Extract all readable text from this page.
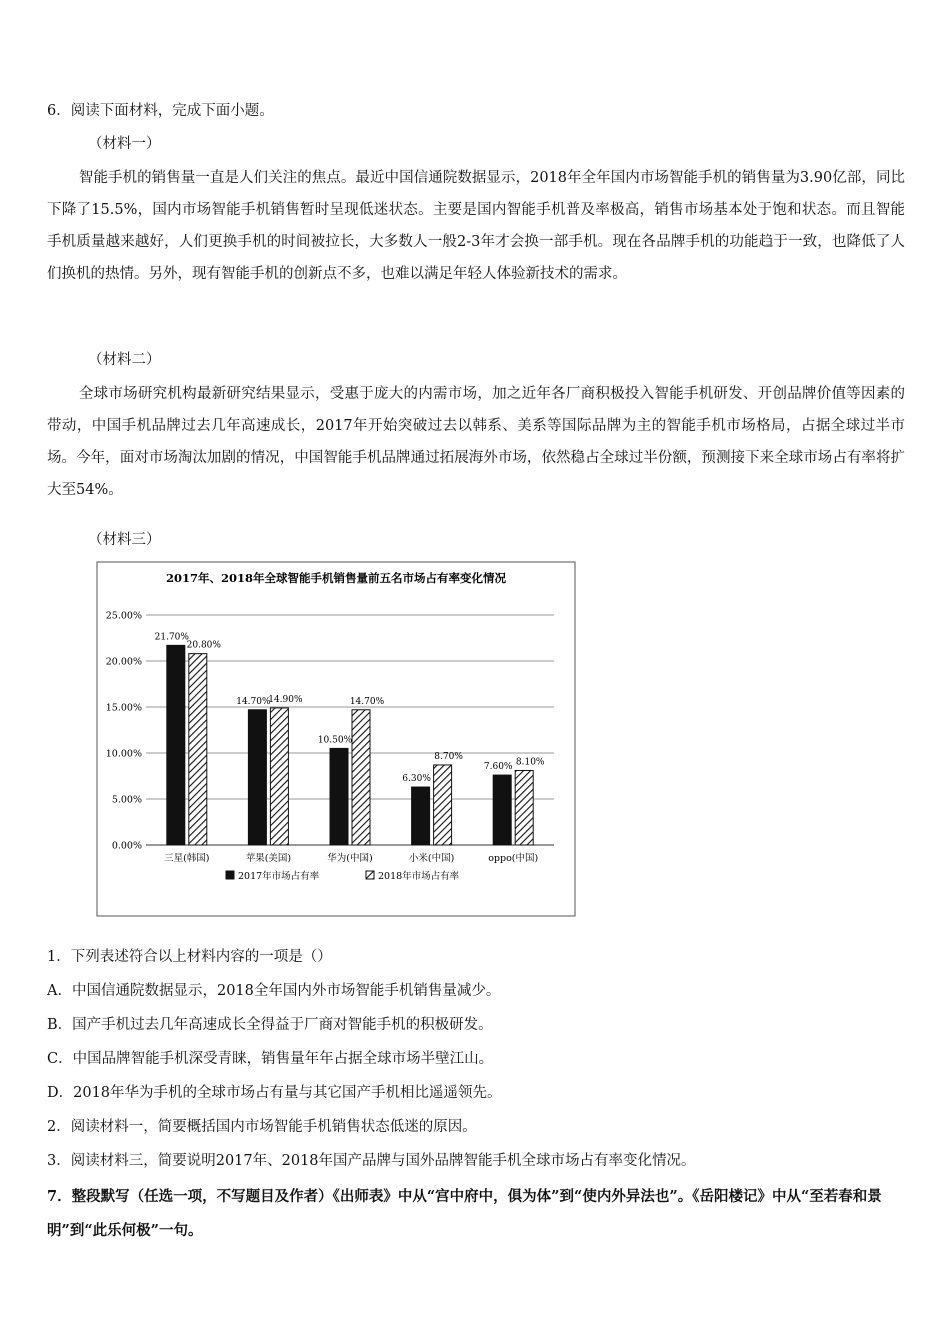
6．阅读下面材料，完成下面小题。
（材料一）
智能手机的销售量一直是人们关注的焦点。最近中国信通院数据显示，2018年全年国内市场智能手机的销售量为3.90亿部，同比下降了15.5%，国内市场智能手机销售暂时呈现低迷状态。主要是国内智能手机普及率极高，销售市场基本处于饱和状态。而且智能手机质量越来越好，人们更换手机的时间被拉长，大多数人一般2-3年才会换一部手机。现在各品牌手机的功能趋于一致，也降低了人们换机的热情。另外，现有智能手机的创新点不多，也难以满足年轻人体验新技术的需求。
（材料二）
全球市场研究机构最新研究结果显示，受惠于庞大的内需市场，加之近年各厂商积极投入智能手机研发、开创品牌价值等因素的带动，中国手机品牌过去几年高速成长，2017年开始突破过去以韩系、美系等国际品牌为主的智能手机市场格局，占据全球过半市场。今年，面对市场淘汰加剧的情况，中国智能手机品牌通过拓展海外市场，依然稳占全球过半份额，预测接下来全球市场占有率将扩大至54%。
（材料三）
2017年、2018年全球智能手机销售量前五名市场占有率变化情况
0.00%
5.00%
10.00%
15.00%
20.00%
25.00%
21.70%
20.80%
三星(韩国)
14.70%
14.90%
苹果(美国)
10.50%
14.70%
华为(中国)
6.30%
8.70%
小米(中国)
7.60% 8.10%
oppo(中国)
2017年市场占有率	2018年市场占有率
1．下列表述符合以上材料内容的一项是（）
A．中国信通院数据显示，2018全年国内外市场智能手机销售量减少。
B．国产手机过去几年高速成长全得益于厂商对智能手机的积极研发。
C．中国品牌智能手机深受青睐，销售量年年占据全球市场半壁江山。
D．2018年华为手机的全球市场占有量与其它国产手机相比遥遥领先。
2．阅读材料一，简要概括国内市场智能手机销售状态低迷的原因。
3．阅读材料三，简要说明2017年、2018年国产品牌与国外品牌智能手机全球市场占有率变化情况。
7．整段默写（任选一项，不写题目及作者）《出师表》中从“宫中府中，俱为体”到“使内外异法也”。《岳阳楼记》中从“至若春和景明”到“此乐何极”一句。
